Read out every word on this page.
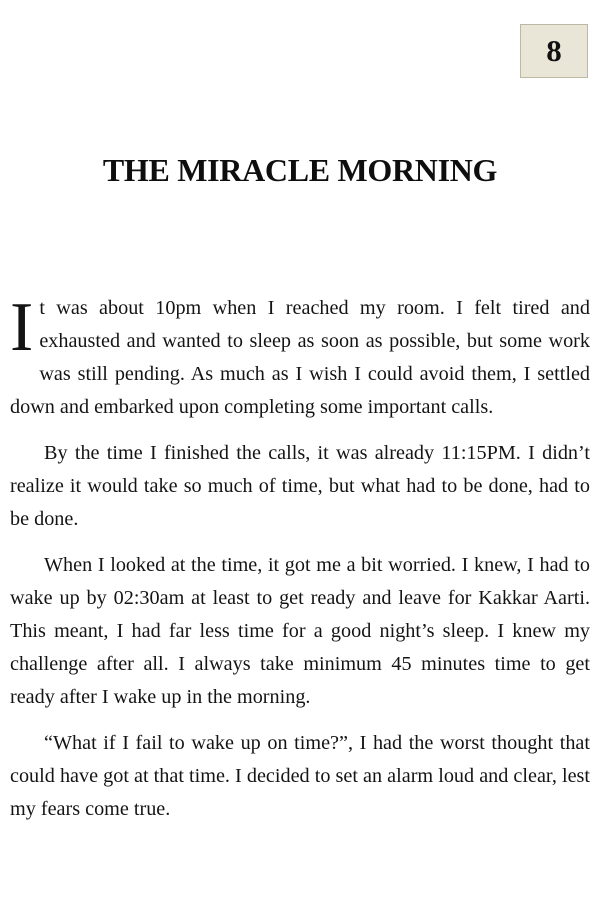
8
THE MIRACLE MORNING

It was about 10pm when I reached my room. I felt tired and exhausted and wanted to sleep as soon as possible, but some work was still pending. As much as I wish I could avoid them, I settled down and embarked upon completing some important calls.

By the time I finished the calls, it was already 11:15PM. I didn’t realize it would take so much of time, but what had to be done, had to be done.

When I looked at the time, it got me a bit worried. I knew, I had to wake up by 02:30am at least to get ready and leave for Kakkar Aarti. This meant, I had far less time for a good night’s sleep. I knew my challenge after all. I always take minimum 45 minutes time to get ready after I wake up in the morning.

“What if I fail to wake up on time?”, I had the worst thought that could have got at that time. I decided to set an alarm loud and clear, lest my fears come true.
